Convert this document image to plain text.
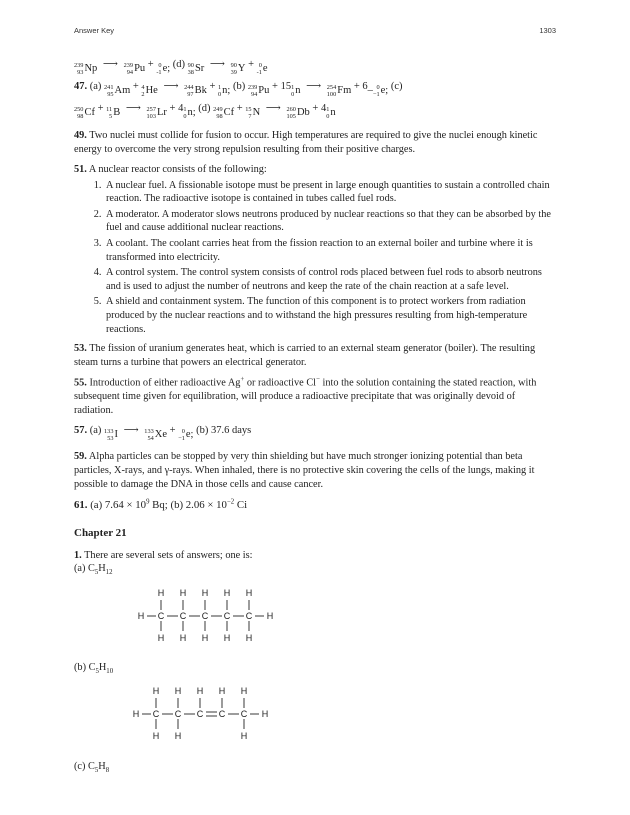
Answer Key	1303
239
93 Np ⟶ 239
94 Pu + 0
-1 e; (d) 90
38 Sr ⟶ 90
39 Y + 0
-1 e
47. (a) 241
95 Am + 4
2 He ⟶ 244
97 Bk + 1
0 n; (b) 239
94 Pu + 15 1
0 n ⟶ 254
100 Fm + 6_ 0
−1 e; (c)
250
98 Cf + 11
5 B ⟶ 257
103 Lr + 4 1
0 n; (d) 249
98 Cf + 15
7 N ⟶ 260
105 Db + 4 1
0 n

49. Two nuclei must collide for fusion to occur. High temperatures are required to give the nuclei enough kinetic energy to overcome the very strong repulsion resulting from their positive charges.

51. A nuclear reactor consists of the following:

1. A nuclear fuel. A fissionable isotope must be present in large enough quantities to sustain a controlled chain reaction. The radioactive isotope is contained in tubes called fuel rods.
2. A moderator. A moderator slows neutrons produced by nuclear reactions so that they can be absorbed by the fuel and cause additional nuclear reactions.
3. A coolant. The coolant carries heat from the fission reaction to an external boiler and turbine where it is transformed into electricity.
4. A control system. The control system consists of control rods placed between fuel rods to absorb neutrons and is used to adjust the number of neutrons and keep the rate of the chain reaction at a safe level.
5. A shield and containment system. The function of this component is to protect workers from radiation produced by the nuclear reactions and to withstand the high pressures resulting from high-temperature reactions.

53. The fission of uranium generates heat, which is carried to an external steam generator (boiler). The resulting steam turns a turbine that powers an electrical generator.

55. Introduction of either radioactive Ag+ or radioactive Cl− into the solution containing the stated reaction, with subsequent time given for equilibration, will produce a radioactive precipitate that was originally devoid of radiation.

57. (a) 133
53 I ⟶ 133
54 Xe + 0
−1 e; (b) 37.6 days

59. Alpha particles can be stopped by very thin shielding but have much stronger ionizing potential than beta particles, X-rays, and γ-rays. When inhaled, there is no protective skin covering the cells of the lungs, making it possible to damage the DNA in those cells and cause cancer.

61. (a) $7.64 \times 10^9$ Bq; (b) $2.06 \times 10^{-2}$ Ci

Chapter 21

1. There are several sets of answers; one is:

(a) $C_5H_{12}$

H C C C C C H
H H H H H
H H H H H

(b) $C_5H_{10}$

H C C C C C H
H H H H H
H H	H

(c) $C_5H_8$
